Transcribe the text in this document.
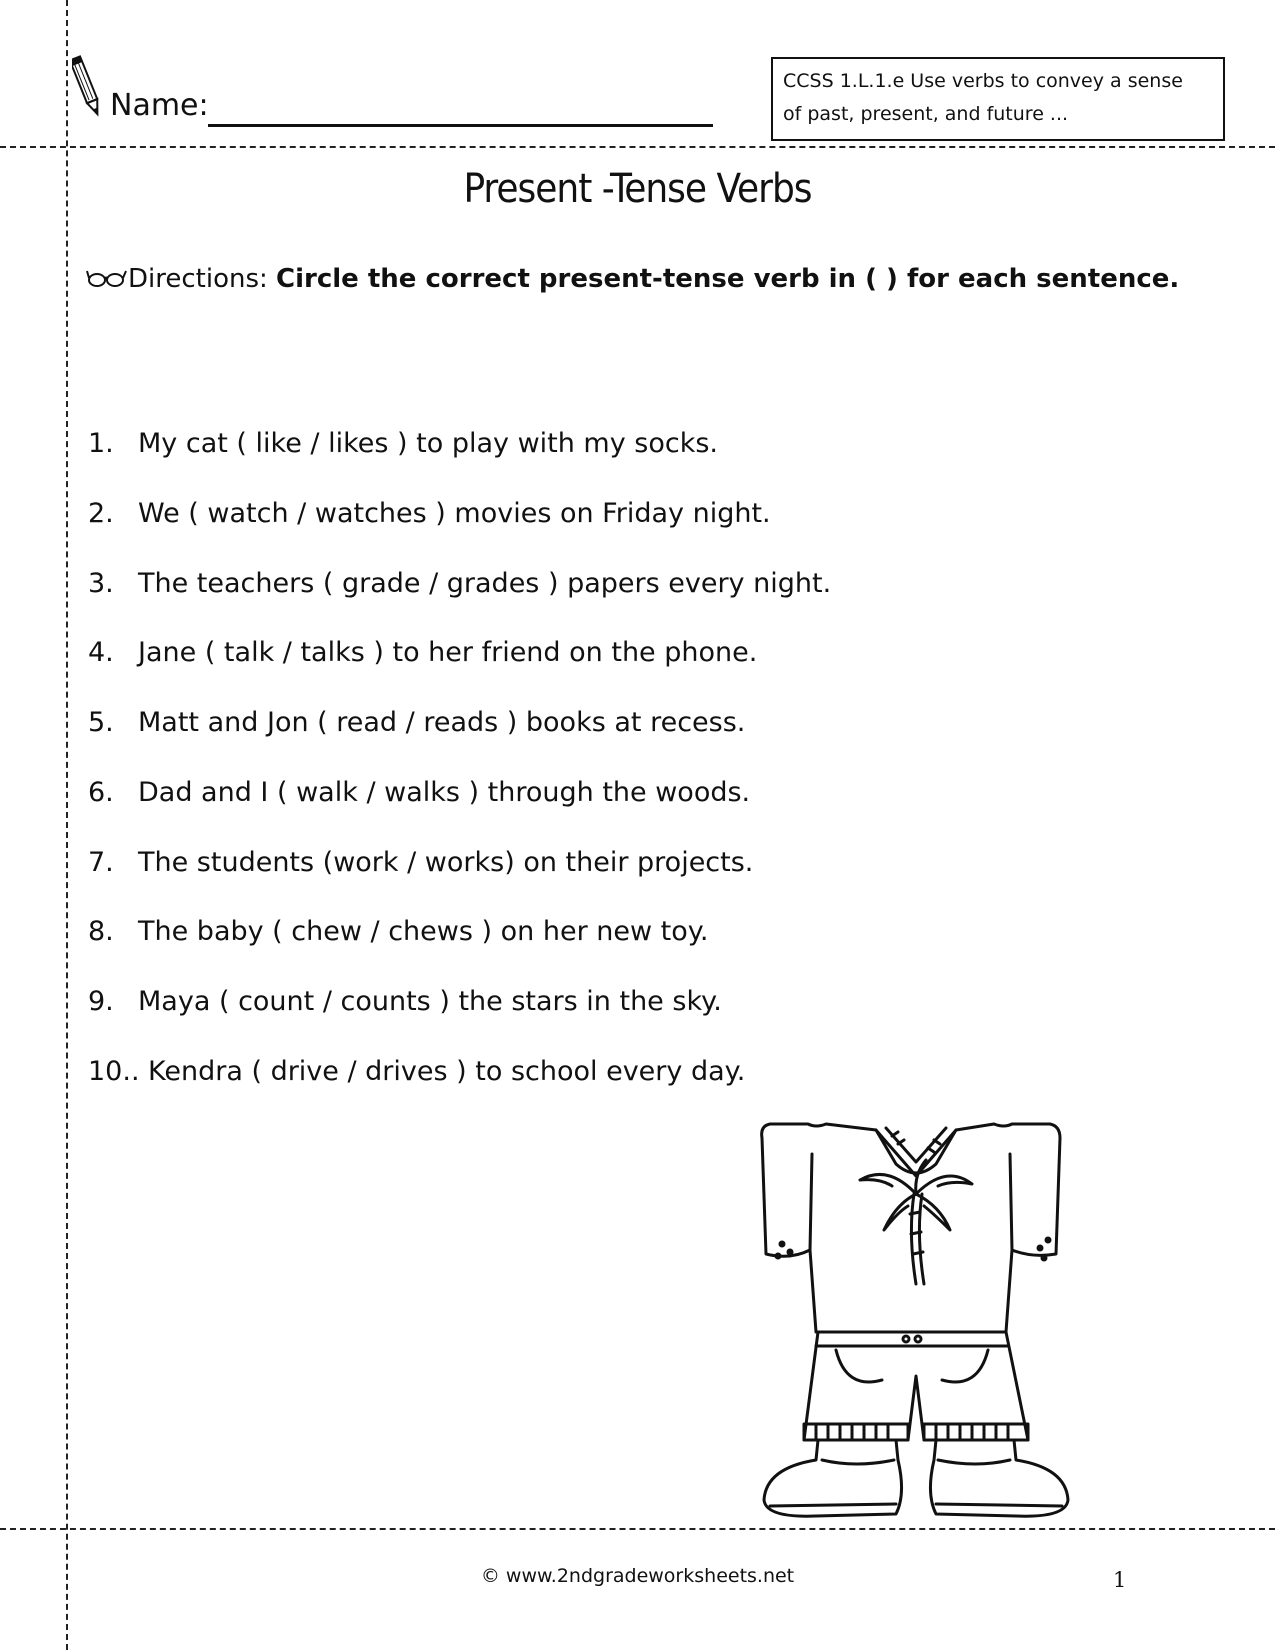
Name:
CCSS 1.L.1.e Use verbs to convey a sense
of past, present, and future ...
Present -Tense Verbs
Directions: Circle the correct present-tense verb in ( ) for each sentence.
1. My cat ( like / likes ) to play with my socks.
2. We ( watch / watches ) movies on Friday night.
3. The teachers ( grade / grades ) papers every night.
4. Jane ( talk / talks ) to her friend on the phone.
5. Matt and Jon ( read / reads ) books at recess.
6. Dad and I ( walk / walks ) through the woods.
7. The students (work / works) on their projects.
8. The baby ( chew / chews ) on her new toy.
9. Maya ( count / counts ) the stars in the sky.
10.. Kendra ( drive / drives ) to school every day.
© www.2ndgradeworksheets.net	1
